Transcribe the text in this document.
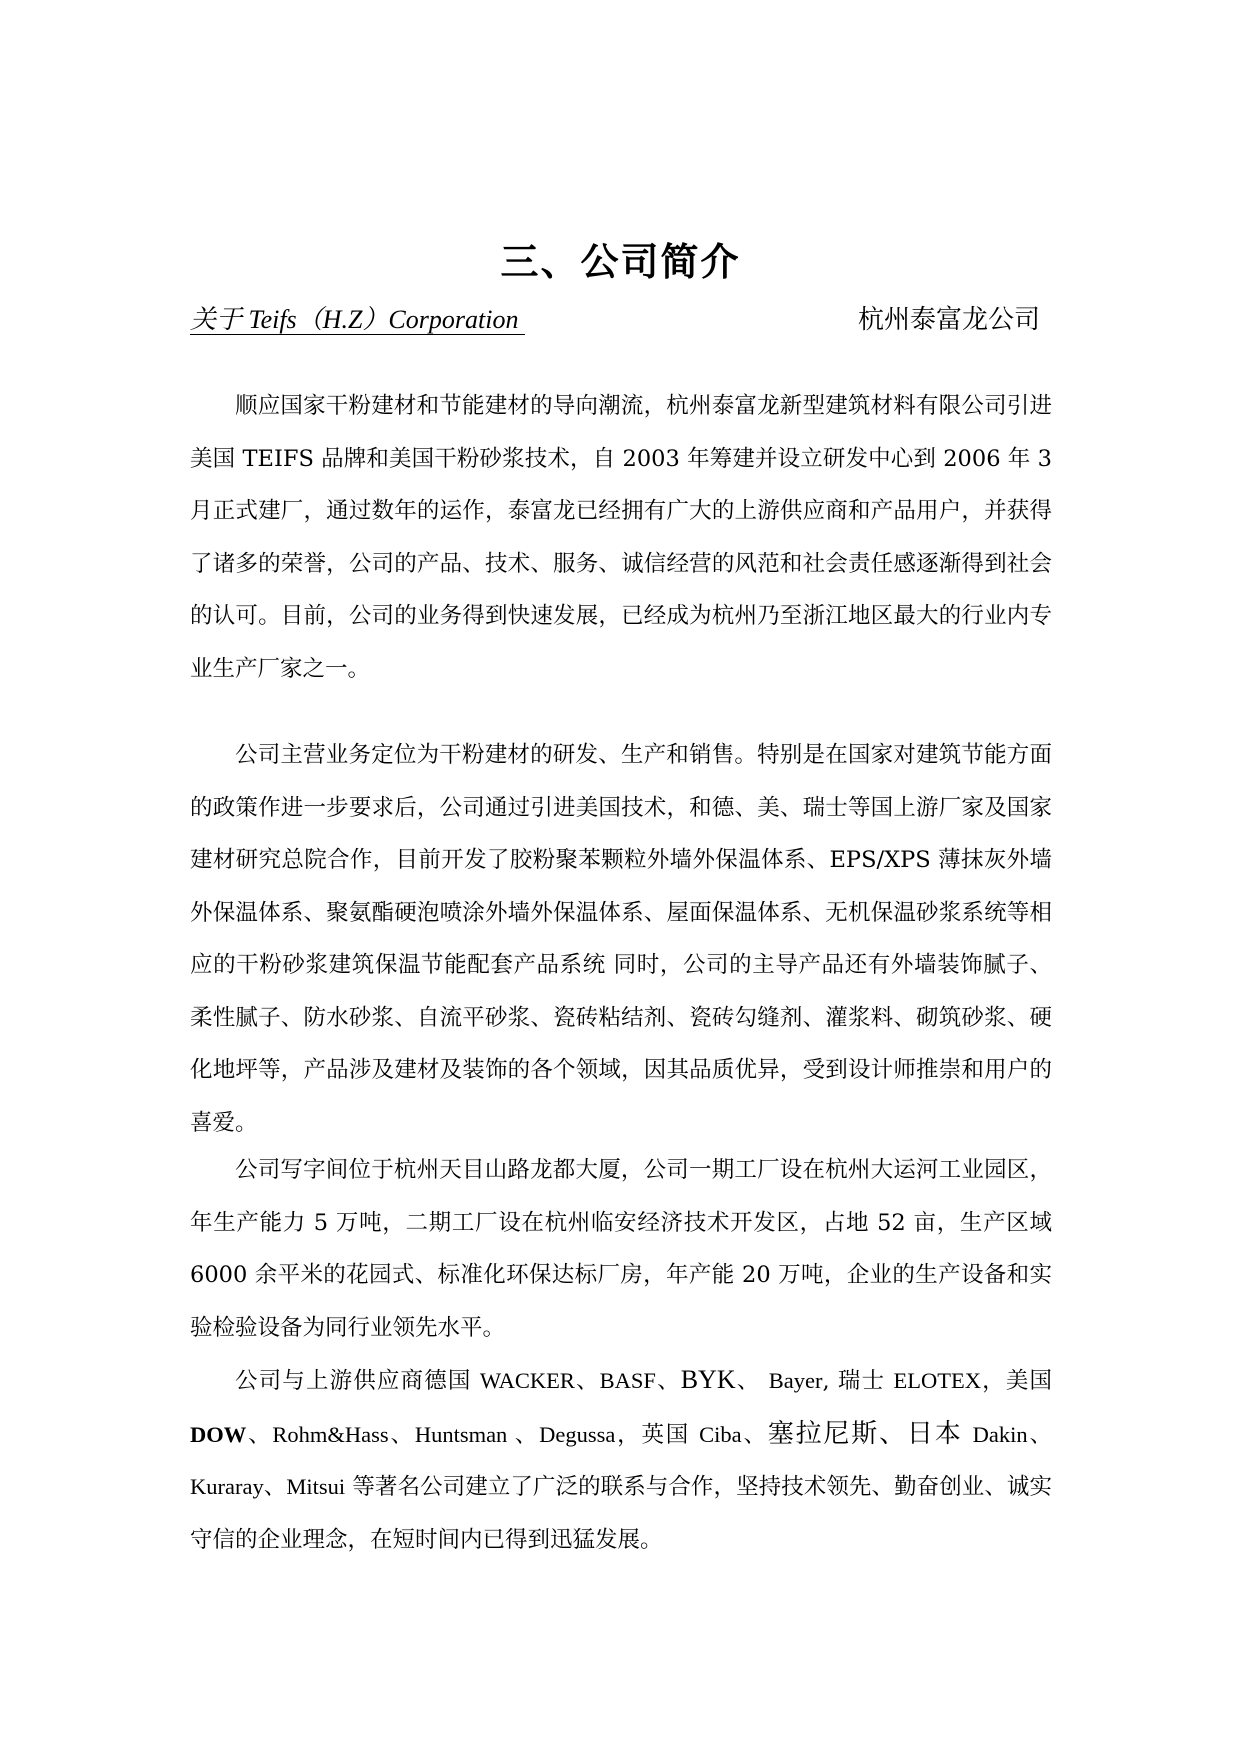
三、公司简介
关于 Teifs（H.Z）Corporation	杭州泰富龙公司

顺应国家干粉建材和节能建材的导向潮流，杭州泰富龙新型建筑材料有限公司引进美国 TEIFS 品牌和美国干粉砂浆技术，自 2003 年筹建并设立研发中心到 2006 年 3 月正式建厂，通过数年的运作，泰富龙已经拥有广大的上游供应商和产品用户，并获得了诸多的荣誉，公司的产品、技术、服务、诚信经营的风范和社会责任感逐渐得到社会的认可。目前，公司的业务得到快速发展，已经成为杭州乃至浙江地区最大的行业内专业生产厂家之一。

公司主营业务定位为干粉建材的研发、生产和销售。特别是在国家对建筑节能方面的政策作进一步要求后，公司通过引进美国技术，和德、美、瑞士等国上游厂家及国家建材研究总院合作，目前开发了胶粉聚苯颗粒外墙外保温体系、EPS/XPS 薄抹灰外墙外保温体系、聚氨酯硬泡喷涂外墙外保温体系、屋面保温体系、无机保温砂浆系统等相应的干粉砂浆建筑保温节能配套产品系统 同时，公司的主导产品还有外墙装饰腻子、柔性腻子、防水砂浆、自流平砂浆、瓷砖粘结剂、瓷砖勾缝剂、灌浆料、砌筑砂浆、硬化地坪等，产品涉及建材及装饰的各个领域，因其品质优异，受到设计师推崇和用户的喜爱。

公司写字间位于杭州天目山路龙都大厦，公司一期工厂设在杭州大运河工业园区，年生产能力 5 万吨，二期工厂设在杭州临安经济技术开发区，占地 52 亩，生产区域 6000 余平米的花园式、标准化环保达标厂房，年产能 20 万吨，企业的生产设备和实验检验设备为同行业领先水平。

公司与上游供应商德国 WACKER、BASF、BYK、 Bayer, 瑞士 ELOTEX，美国 DOW、Rohm&Hass、Huntsman 、Degussa，英国 Ciba、塞拉尼斯、日本 Dakin、Kuraray、Mitsui 等著名公司建立了广泛的联系与合作，坚持技术领先、勤奋创业、诚实守信的企业理念，在短时间内已得到迅猛发展。
